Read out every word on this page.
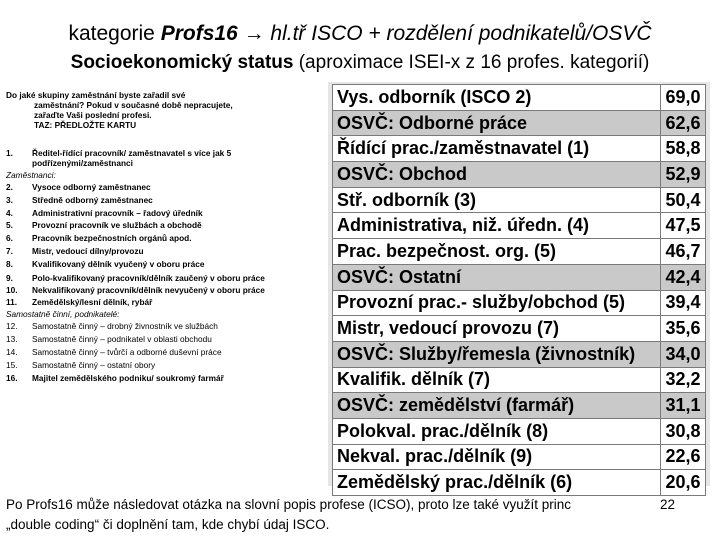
kategorie Profs16 → hl.tř ISCO + rozdělení podnikatelů/OSVČ
Socioekonomický status (aproximace ISEI-x z 16 profes. kategorií)
Do jaké skupiny zaměstnání byste zařadil své

zaměstnání? Pokud v současné době nepracujete,
zařaďte Vaši poslední profesi.
TAZ: PŘEDLOŽTE KARTU
1.	Ředitel-řídící pracovník/ zaměstnavatel s více jak 5 podřízenými/zaměstnanci
Zaměstnanci:
2.	Vysoce odborný zaměstnanec
3.	Středně odborný zaměstnanec
4.	Administrativní pracovník – řadový úředník
5.	Provozní pracovník ve službách a obchodě
6.	Pracovník bezpečnostních orgánů apod.
7.	Mistr, vedoucí dílny/provozu
8.	Kvalifikovaný dělník vyučený v oboru práce
9.	Polo-kvalifikovaný pracovník/dělník zaučený v oboru práce
10.	Nekvalifikovaný pracovník/dělník nevyučený v oboru práce
11.	Zemědělský/lesní dělník, rybář
Samostatně činní, podnikatelé:
12.	Samostatně činný – drobný živnostník ve službách
13.	Samostatně činný – podnikatel v oblasti obchodu
14.	Samostatně činný – tvůrčí a odborné duševní práce
15.	Samostatně činný – ostatní obory
16.	Majitel zemědělského podniku/ soukromý farmář
Vys. odborník (ISCO 2)	69,0
OSVČ: Odborné práce	62,6
Řídící prac./zaměstnavatel (1)	58,8
OSVČ: Obchod	52,9
Stř. odborník (3)	50,4
Administrativa, niž. úředn. (4)	47,5
Prac. bezpečnost. org. (5)	46,7
OSVČ: Ostatní	42,4
Provozní prac.- služby/obchod (5)	39,4
Mistr, vedoucí provozu (7)	35,6
OSVČ: Služby/řemesla (živnostník)	34,0
Kvalifik. dělník (7)	32,2
OSVČ: zemědělství (farmář)	31,1
Polokval. prac./dělník (8)	30,8
Nekval. prac./dělník (9)	22,6
Zemědělský prac./dělník (6)	20,6
Po Profs16 může následovat otázka na slovní popis profese (ICSO), proto lze také využít princ
„double coding“ či doplnění tam, kde chybí údaj ISCO.
22
